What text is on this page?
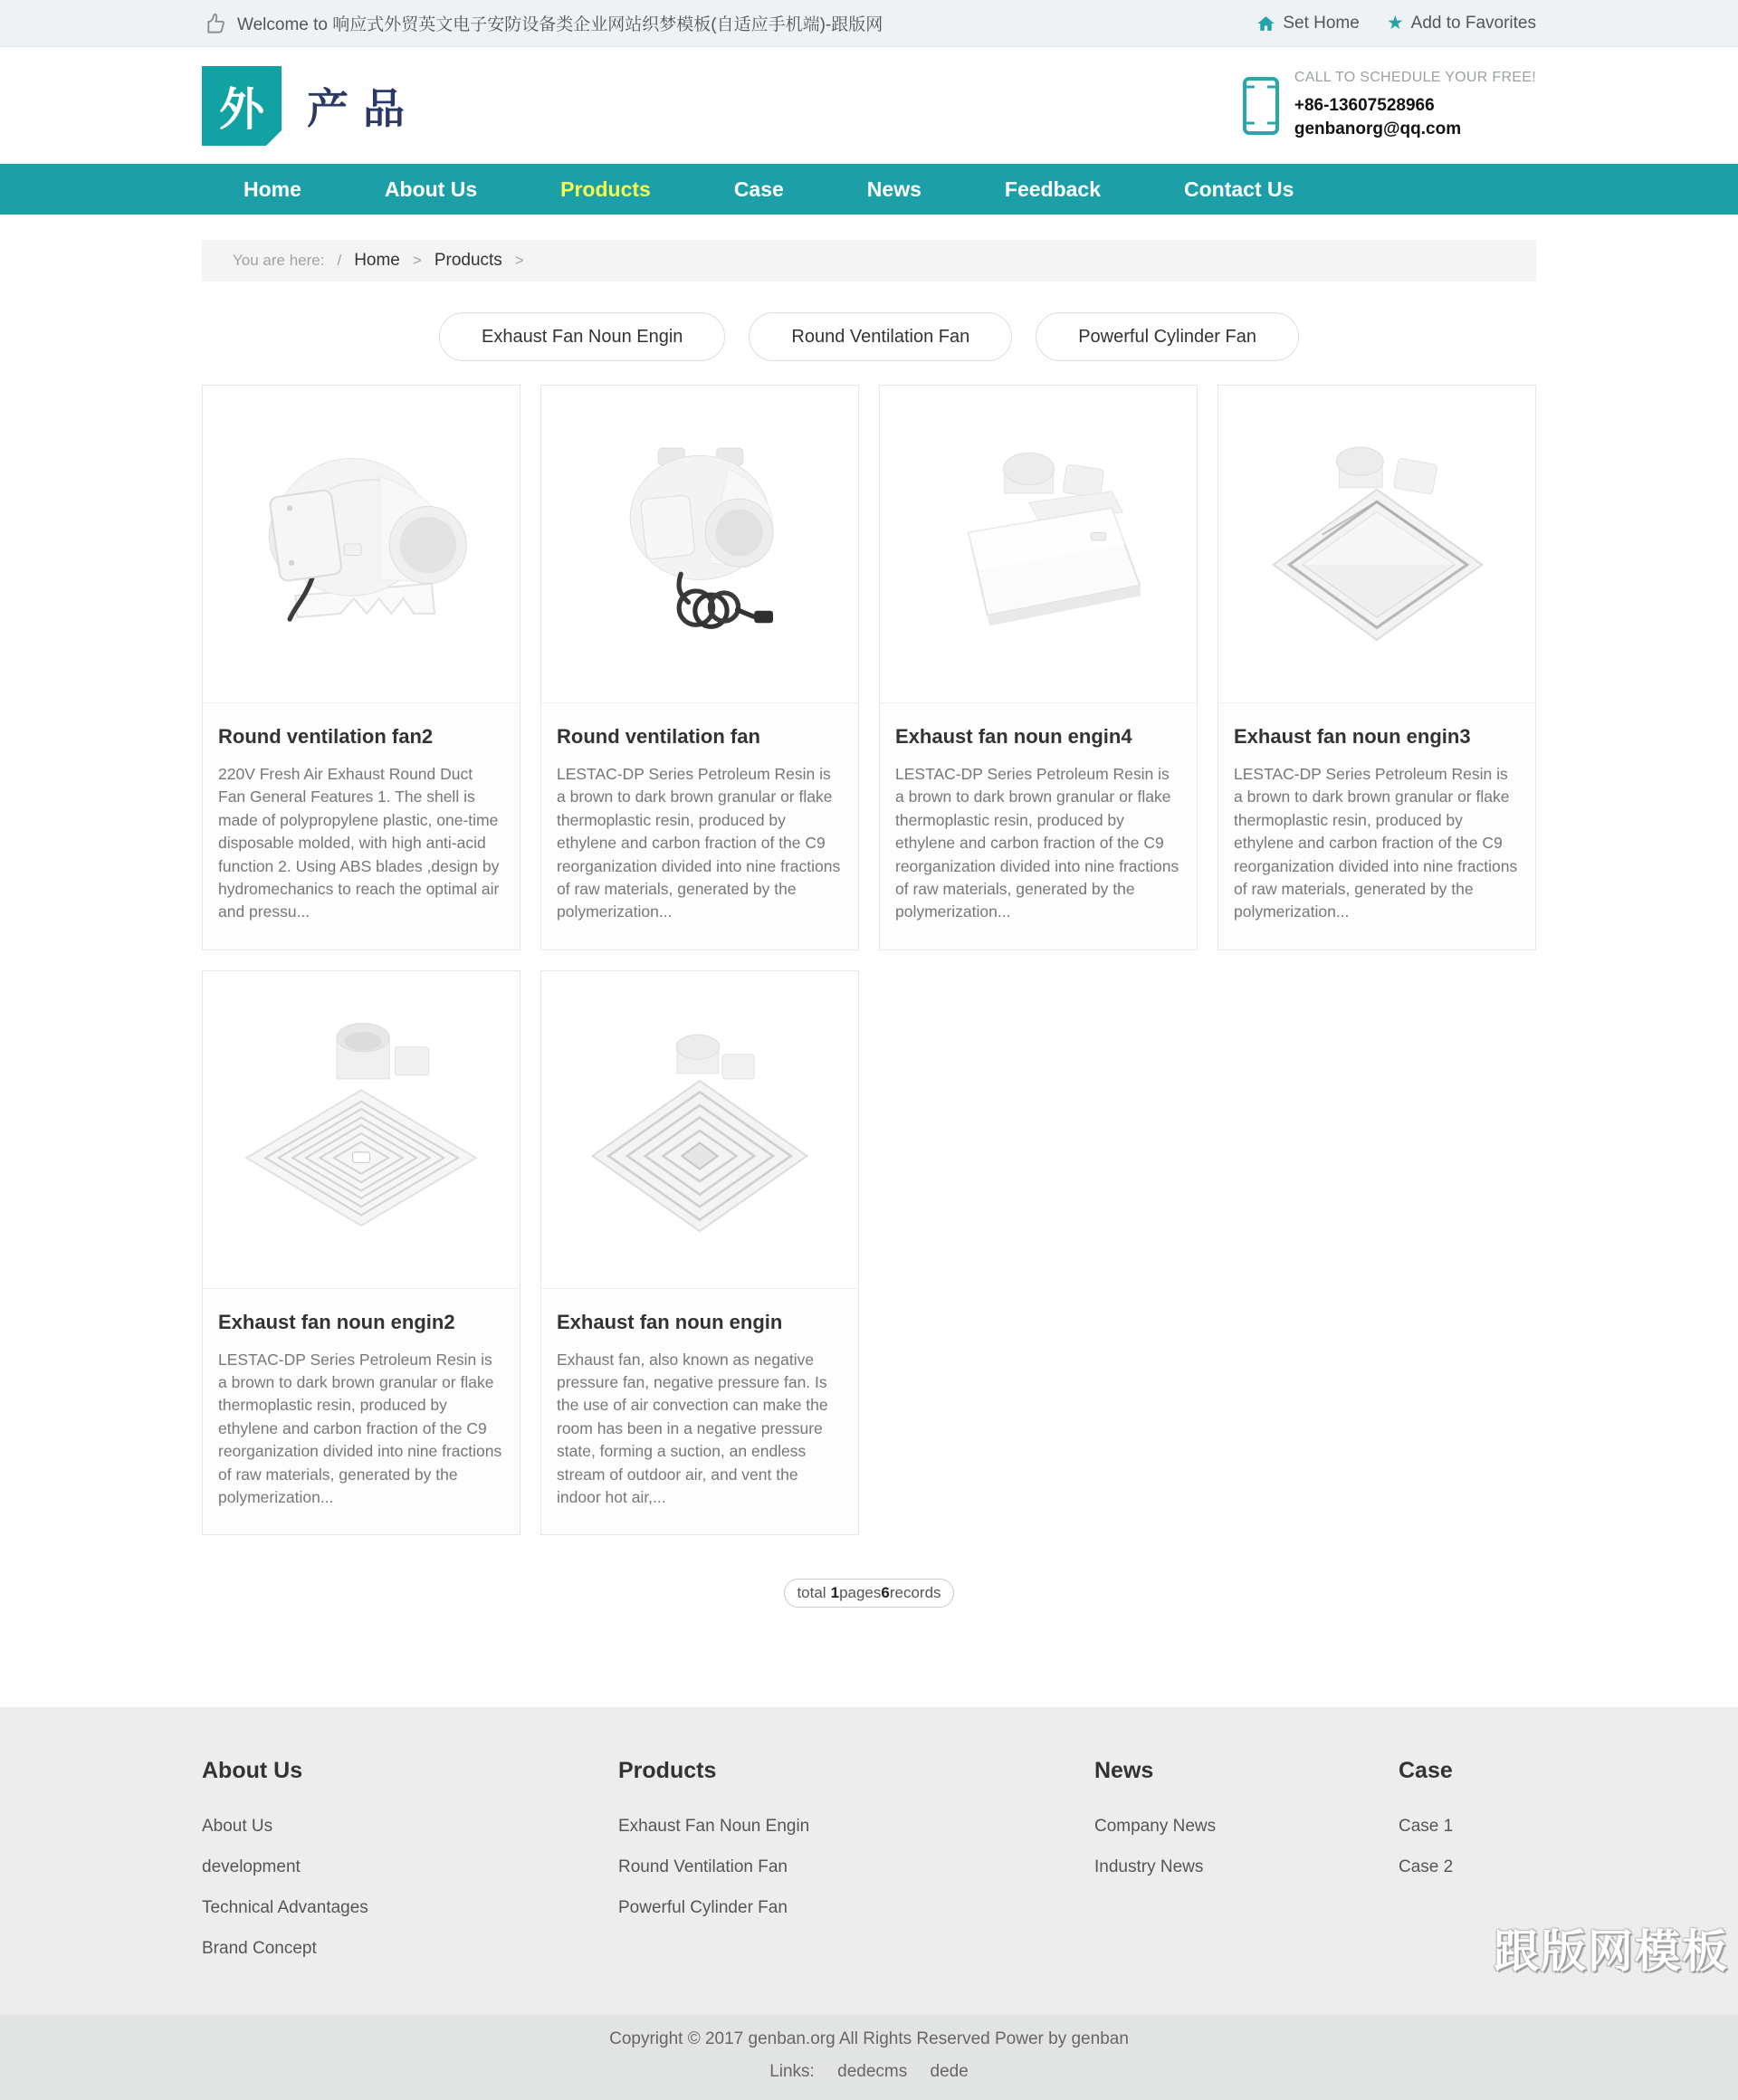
Welcome to 响应式外贸英文电子安防设备类企业网站织梦模板(自适应手机端)-跟版网	Set Home ★ Add to Favorites
外	产品
CALL TO SCHEDULE YOUR FREE!
+86-13607528966
genbanorg@qq.com
Home	About Us	Products	Case	News	Feedback	Contact Us
You are here: / Home > Products >
Exhaust Fan Noun Engin	Round Ventilation Fan	Powerful Cylinder Fan
Round ventilation fan2
220V Fresh Air Exhaust Round Duct Fan General Features 1. The shell is made of polypropylene plastic, one-time disposable molded, with high anti-acid function 2. Using ABS blades ,design by hydromechanics to reach the optimal air and pressu...
Round ventilation fan
LESTAC-DP Series Petroleum Resin is a brown to dark brown granular or flake thermoplastic resin, produced by ethylene and carbon fraction of the C9 reorganization divided into nine fractions of raw materials, generated by the polymerization...
Exhaust fan noun engin4
LESTAC-DP Series Petroleum Resin is a brown to dark brown granular or flake thermoplastic resin, produced by ethylene and carbon fraction of the C9 reorganization divided into nine fractions of raw materials, generated by the polymerization...
Exhaust fan noun engin3
LESTAC-DP Series Petroleum Resin is a brown to dark brown granular or flake thermoplastic resin, produced by ethylene and carbon fraction of the C9 reorganization divided into nine fractions of raw materials, generated by the polymerization...
Exhaust fan noun engin2
LESTAC-DP Series Petroleum Resin is a brown to dark brown granular or flake thermoplastic resin, produced by ethylene and carbon fraction of the C9 reorganization divided into nine fractions of raw materials, generated by the polymerization...
Exhaust fan noun engin
Exhaust fan, also known as negative pressure fan, negative pressure fan. Is the use of air convection can make the room has been in a negative pressure state, forming a suction, an endless stream of outdoor air, and vent the indoor hot air,...
total 1pages6records
About Us
About Us
development
Technical Advantages
Brand Concept
Products
Exhaust Fan Noun Engin
Round Ventilation Fan
Powerful Cylinder Fan
News
Company News
Industry News
Case
Case 1
Case 2
Copyright © 2017 genban.org All Rights Reserved Power by genban
Links: dedecms dede
跟版网模板
